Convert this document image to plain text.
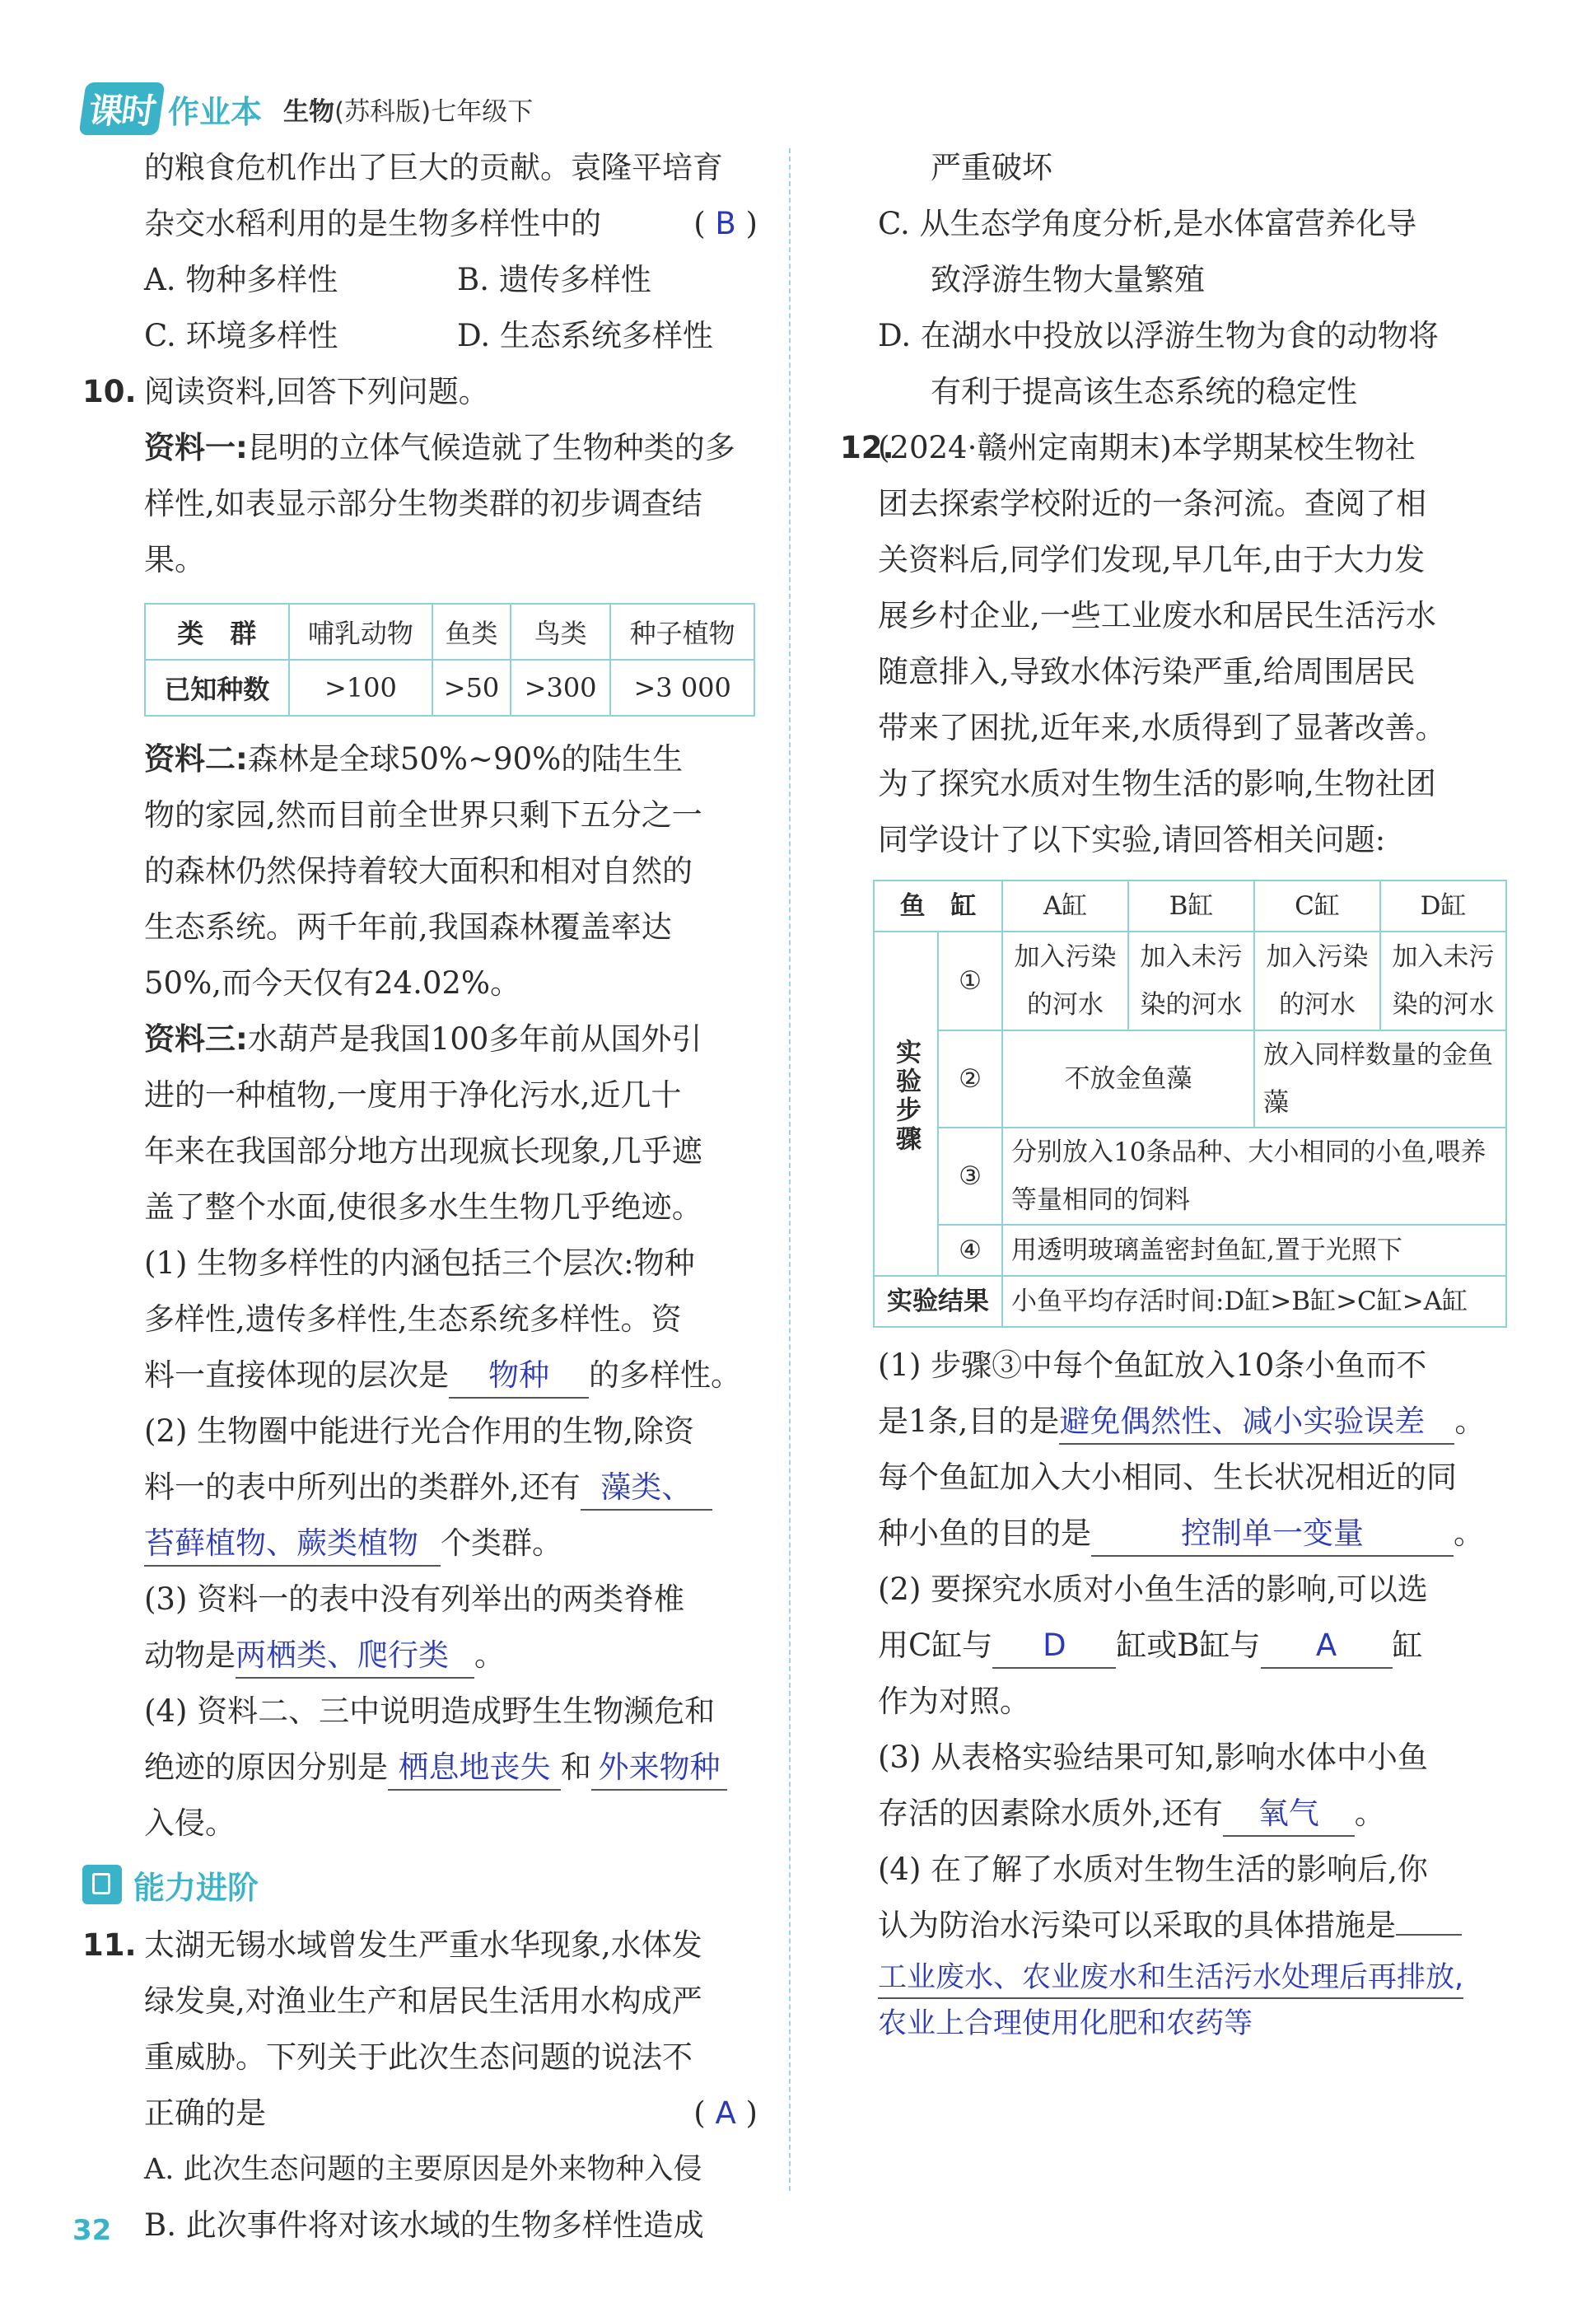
课时 作业本 生物(苏科版)七年级下

的粮食危机作出了巨大的贡献。袁隆平培育

杂交水稻利用的是生物多样性中的	( B )

A. 物种多样性	B. 遗传多样性
C. 环境多样性	D. 生态系统多样性

10. 阅读资料,回答下列问题。

资料一:昆明的立体气候造就了生物种类的多

样性,如表显示部分生物类群的初步调查结果。

类　群	哺乳动物	鱼类	鸟类	种子植物
已知种数	>100	>50	>300	>3 000

资料二:森林是全球50%~90%的陆生生

物的家园,然而目前全世界只剩下五分之一

的森林仍然保持着较大面积和相对自然的

生态系统。两千年前,我国森林覆盖率达

50%,而今天仅有24.02%。

资料三:水葫芦是我国100多年前从国外引

进的一种植物,一度用于净化污水,近几十

年来在我国部分地方出现疯长现象,几乎遮

盖了整个水面,使很多水生生物几乎绝迹。

(1) 生物多样性的内涵包括三个层次:物种

多样性,遗传多样性,生态系统多样性。资

料一直接体现的层次是 物种 的多样性。

(2) 生物圈中能进行光合作用的生物,除资

料一的表中所列出的类群外,还有 藻类、

苔藓植物、蕨类植物 个类群。

(3) 资料一的表中没有列举出的两类脊椎

动物是两栖类、爬行类 。

(4) 资料二、三中说明造成野生生物濒危和

绝迹的原因分别是 栖息地丧失 和 外来物种

入侵。

能力进阶

11. 太湖无锡水域曾发生严重水华现象,水体发

绿发臭,对渔业生产和居民生活用水构成严

重威胁。下列关于此次生态问题的说法不

正确的是	( A )

A. 此次生态问题的主要原因是外来物种入侵

B. 此次事件将对该水域的生物多样性造成

严重破坏

C. 从生态学角度分析,是水体富营养化导

致浮游生物大量繁殖

D. 在湖水中投放以浮游生物为食的动物将

有利于提高该生态系统的稳定性

12.(2024·赣州定南期末)本学期某校生物社

团去探索学校附近的一条河流。查阅了相

关资料后,同学们发现,早几年,由于大力发

展乡村企业,一些工业废水和居民生活污水

随意排入,导致水体污染严重,给周围居民

带来了困扰,近年来,水质得到了显著改善。

为了探究水质对生物生活的影响,生物社团

同学设计了以下实验,请回答相关问题:

鱼　缸		A缸	B缸	C缸	D缸
实验步骤	①	加入污染的河水	加入未污染的河水	加入污染的河水	加入未污染的河水
	②	不放金鱼藻		放入同样数量的金鱼藻	
	③	分别放入10条品种、大小相同的小鱼,喂养等量相同的饲料			
	④	用透明玻璃盖密封鱼缸,置于光照下			
实验结果		小鱼平均存活时间:D缸>B缸>C缸>A缸			

(1) 步骤③中每个鱼缸放入10条小鱼而不

是1条,目的是避免偶然性、减小实验误差 。

每个鱼缸加入大小相同、生长状况相近的同

种小鱼的目的是	控制单一变量	。

(2) 要探究水质对小鱼生活的影响,可以选

用C缸与 D 缸或B缸与 A 缸

作为对照。

(3) 从表格实验结果可知,影响水体中小鱼

存活的因素除水质外,还有 氧气 。

(4) 在了解了水质对生物生活的影响后,你

认为防治水污染可以采取的具体措施是

工业废水、农业废水和生活污水处理后再排放,

农业上合理使用化肥和农药等

32
